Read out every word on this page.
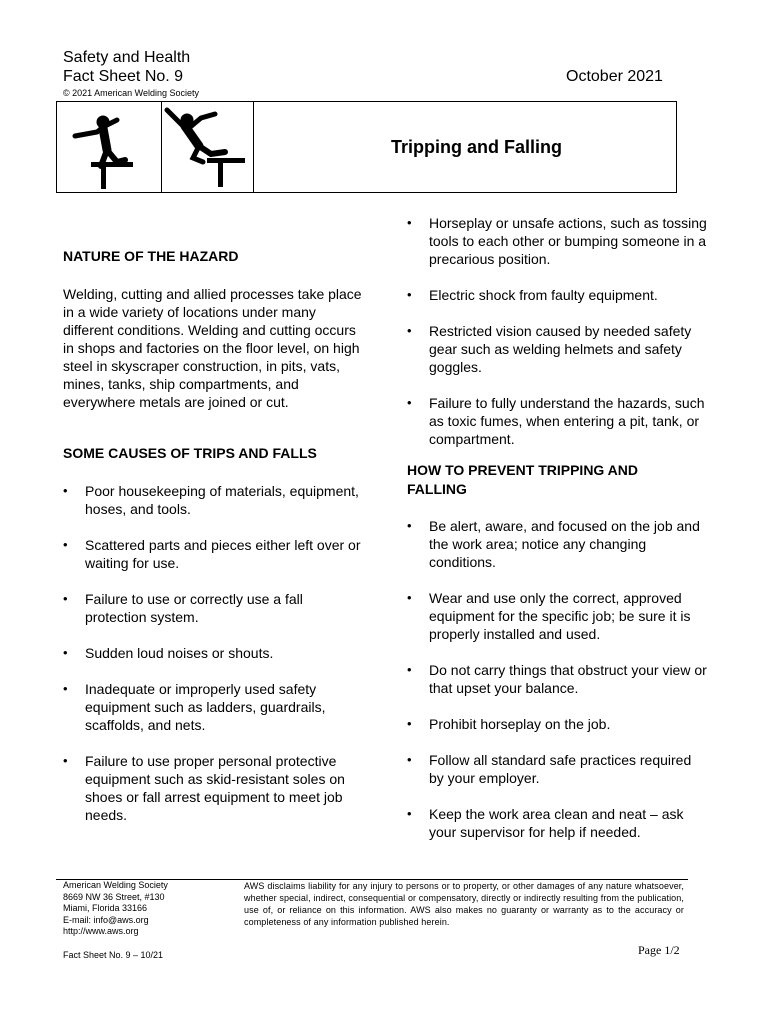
Safety and Health
Fact Sheet No. 9
© 2021 American Welding Society
October 2021
Tripping and Falling
NATURE OF THE HAZARD
Welding, cutting and allied processes take place in a wide variety of locations under many different conditions. Welding and cutting occurs in shops and factories on the floor level, on high steel in skyscraper construction, in pits, vats, mines, tanks, ship compartments, and everywhere metals are joined or cut.
SOME CAUSES OF TRIPS AND FALLS
• Poor housekeeping of materials, equipment, hoses, and tools.
• Scattered parts and pieces either left over or waiting for use.
• Failure to use or correctly use a fall protection system.
• Sudden loud noises or shouts.
• Inadequate or improperly used safety equipment such as ladders, guardrails, scaffolds, and nets.
• Failure to use proper personal protective equipment such as skid-resistant soles on shoes or fall arrest equipment to meet job needs.
• Horseplay or unsafe actions, such as tossing tools to each other or bumping someone in a precarious position.
• Electric shock from faulty equipment.
• Restricted vision caused by needed safety gear such as welding helmets and safety goggles.
• Failure to fully understand the hazards, such as toxic fumes, when entering a pit, tank, or compartment.
HOW TO PREVENT TRIPPING AND FALLING
• Be alert, aware, and focused on the job and the work area; notice any changing conditions.
• Wear and use only the correct, approved equipment for the specific job; be sure it is properly installed and used.
• Do not carry things that obstruct your view or that upset your balance.
• Prohibit horseplay on the job.
• Follow all standard safe practices required by your employer.
• Keep the work area clean and neat – ask your supervisor for help if needed.
American Welding Society
8669 NW 36 Street, #130
Miami, Florida 33166
E-mail: info@aws.org
http://www.aws.org
AWS disclaims liability for any injury to persons or to property, or other damages of any nature whatsoever, whether special, indirect, consequential or compensatory, directly or indirectly resulting from the publication, use of, or reliance on this information. AWS also makes no guaranty or warranty as to the accuracy or completeness of any information published herein.
Fact Sheet No. 9 – 10/21	Page 1/2
